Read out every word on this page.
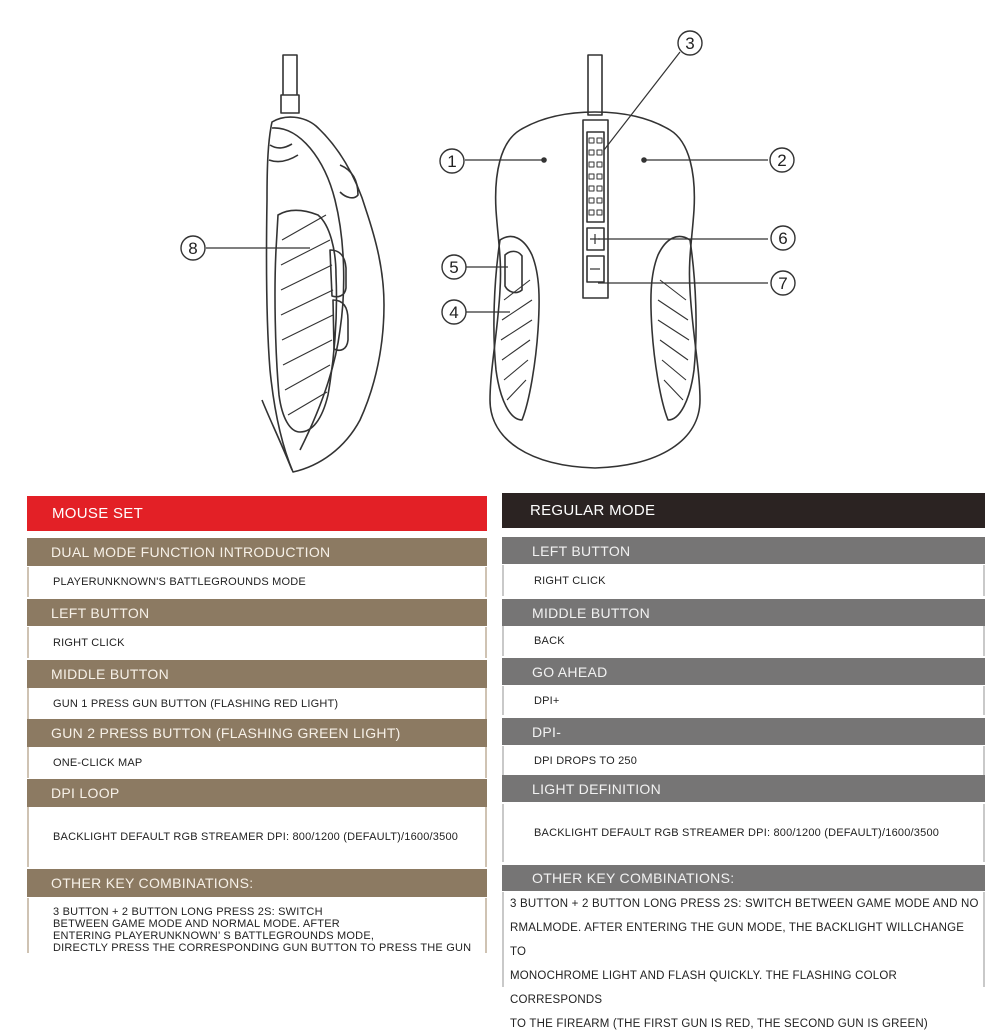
1	2
3
4
5
6
7
8
MOUSE SET
DUAL MODE FUNCTION INTRODUCTION
PLAYERUNKNOWN'S BATTLEGROUNDS MODE
LEFT BUTTON
RIGHT CLICK
MIDDLE BUTTON
GUN 1 PRESS GUN BUTTON (FLASHING RED LIGHT)
GUN 2 PRESS BUTTON (FLASHING GREEN LIGHT)
ONE-CLICK MAP
DPI LOOP
BACKLIGHT DEFAULT RGB STREAMER DPI: 800/1200 (DEFAULT)/1600/3500
OTHER KEY COMBINATIONS:
3 BUTTON + 2 BUTTON LONG PRESS 2S: SWITCH
BETWEEN GAME MODE AND NORMAL MODE. AFTER
ENTERING PLAYERUNKNOWN’ S BATTLEGROUNDS MODE,
DIRECTLY PRESS THE CORRESPONDING GUN BUTTON TO PRESS THE GUN
REGULAR MODE
LEFT BUTTON
RIGHT CLICK
MIDDLE BUTTON
BACK
GO AHEAD
DPI+
DPI-
DPI DROPS TO 250
LIGHT DEFINITION
BACKLIGHT DEFAULT RGB STREAMER DPI: 800/1200 (DEFAULT)/1600/3500
OTHER KEY COMBINATIONS:
3 BUTTON + 2 BUTTON LONG PRESS 2S: SWITCH BETWEEN GAME MODE AND NO
RMALMODE. AFTER ENTERING THE GUN MODE, THE BACKLIGHT WILLCHANGE TO
MONOCHROME LIGHT AND FLASH QUICKLY. THE FLASHING COLOR CORRESPONDS
TO THE FIREARM (THE FIRST GUN IS RED, THE SECOND GUN IS GREEN)
